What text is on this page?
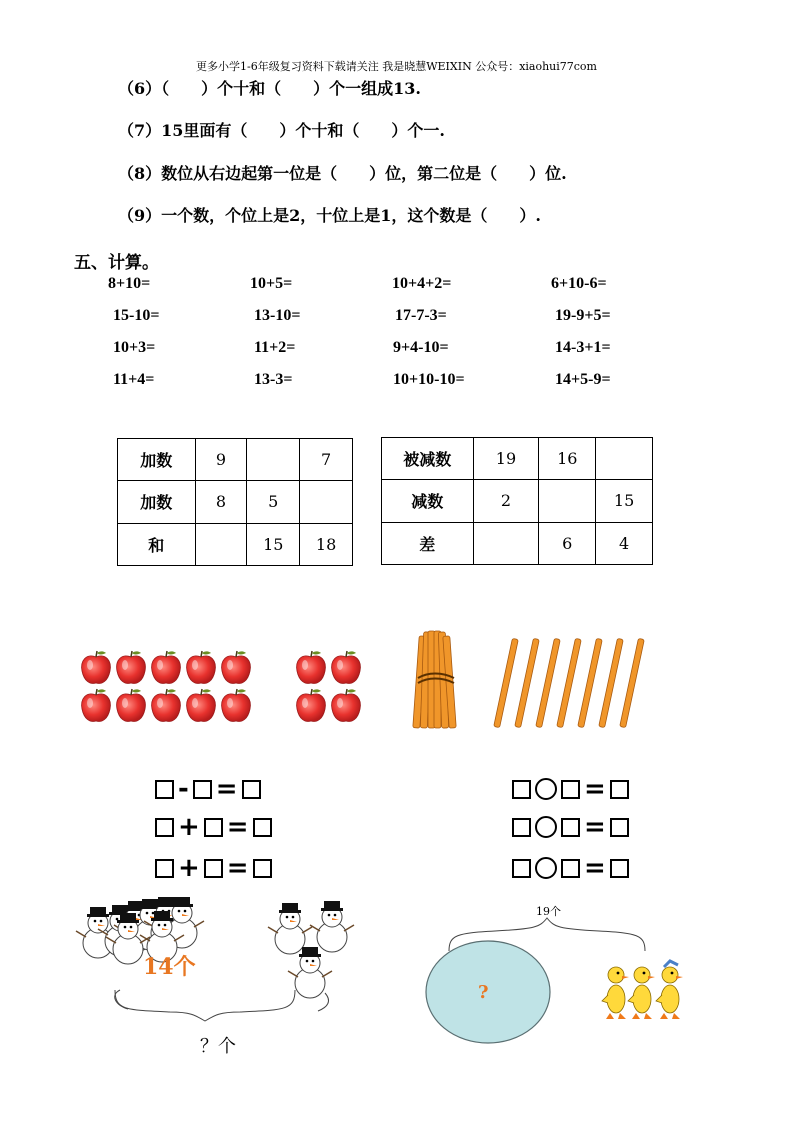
更多小学1-6年级复习资料下载请关注 我是晓慧WEIXIN 公众号：xiaohui77com
（6）（　　）个十和（　　）个一组成13.
（7）15里面有（　　）个十和（　　）个一.
（8）数位从右边起第一位是（　　）位，第二位是（　　）位.
（9）一个数，个位上是2，十位上是1，这个数是（　　）.
五、计算。
8+10=	10+5=	10+4+2=	6+10-6=
15-10=	13-10=	17-7-3=	19-9+5=
10+3=	11+2=	9+4-10=	14-3+1=
11+4=	13-3=	10+10-10=	14+5-9=
加数	9		7
加数	8	5	
和		15	18
被减数	19	16	
减数	2		15
差		6	4
- =
+ =
+ =
=
=
=
14个
？个
19个
?
